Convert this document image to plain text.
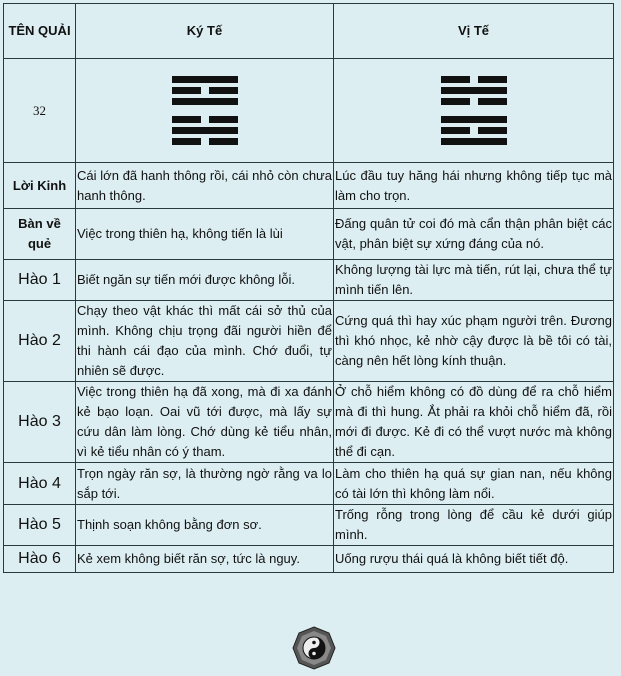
TÊN QUẢI	Ký Tế	Vị Tế
32	

Lời Kinh	Cái lớn đã hanh thông rồi, cái nhỏ còn chưa hanh thông.	Lúc đầu tuy hăng hái nhưng không tiếp tục mà làm cho trọn.
Bàn về quẻ	Việc trong thiên hạ, không tiến là lùi	Đấng quân tử coi đó mà cẩn thận phân biệt các vật, phân biệt sự xứng đáng của nó.
Hào 1	Biết ngăn sự tiến mới được không lỗi.	Không lượng tài lực mà tiến, rút lại, chưa thể tự mình tiến lên.
Hào 2	Chạy theo vật khác thì mất cái sở thủ của mình. Không chịu trọng đãi người hiền để thi hành cái đạo của mình. Chớ đuổi, tự nhiên sẽ được.	Cứng quá thì hay xúc phạm người trên. Đương thì khó nhọc, kẻ nhờ cậy được là bề tôi có tài, càng nên hết lòng kính thuận.
Hào 3	Việc trong thiên hạ đã xong, mà đi xa đánh kẻ bạo loạn. Oai vũ tới được, mà lấy sự cứu dân làm lòng. Chớ dùng kẻ tiểu nhân, vì kẻ tiểu nhân có ý tham.	Ở chỗ hiểm không có đồ dùng để ra chỗ hiểm mà đi thì hung. Ắt phải ra khỏi chỗ hiểm đã, rồi mới đi được. Kẻ đi có thể vượt nước mà không thể đi cạn.
Hào 4	Trọn ngày răn sợ, là thường ngờ rằng va lo sắp tới.	Làm cho thiên hạ quá sự gian nan, nếu không có tài lớn thì không làm nổi.
Hào 5	Thịnh soạn không bằng đơn sơ.	Trống rỗng trong lòng để cầu kẻ dưới giúp mình.
Hào 6	Kẻ xem không biết răn sợ, tức là nguy.	Uống rượu thái quá là không biết tiết độ.
